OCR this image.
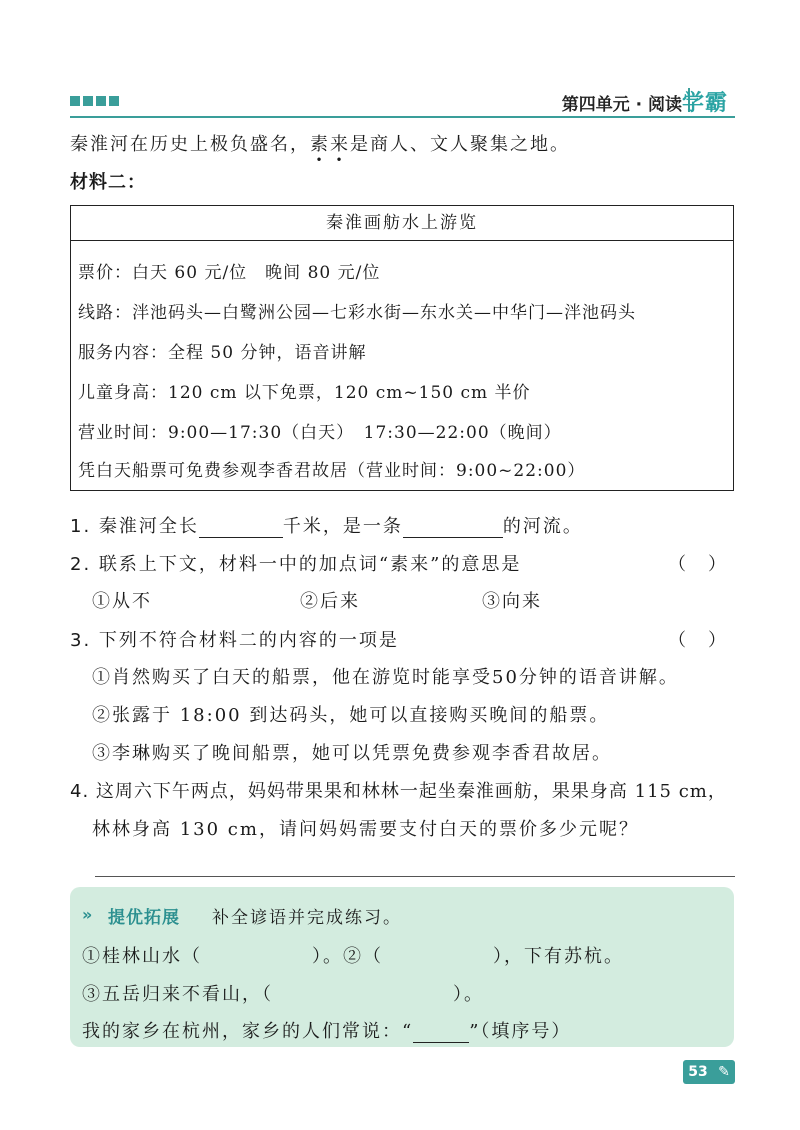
第四单元 · 阅读 学霸
秦淮河在历史上极负盛名，素来是商人、文人聚集之地。
材料二：
秦淮画舫水上游览
票价：白天 60 元/位　晚间 80 元/位
线路：泮池码头—白鹭洲公园—七彩水街—东水关—中华门—泮池码头
服务内容：全程 50 分钟，语音讲解
儿童身高：120 cm 以下免票，120 cm~150 cm 半价
营业时间：9:00—17:30（白天）　17:30—22:00（晚间）
凭白天船票可免费参观李香君故居（营业时间：9:00~22:00）
1. 秦淮河全长	千米，是一条	的河流。
2. 联系上下文，材料一中的加点词“素来”的意思是	（　）
①从不	②后来	③向来
3. 下列不符合材料二的内容的一项是	（　）
①肖然购买了白天的船票，他在游览时能享受50分钟的语音讲解。
②张露于 18:00 到达码头，她可以直接购买晚间的船票。
③李琳购买了晚间船票，她可以凭票免费参观李香君故居。
4. 这周六下午两点，妈妈带果果和林林一起坐秦淮画舫，果果身高 115 cm，
林林身高 130 cm，请问妈妈需要支付白天的票价多少元呢？
» 提优拓展 补全谚语并完成练习。
①桂林山水（	）。②（	），下有苏杭。
③五岳归来不看山，（	）。
我的家乡在杭州，家乡的人们常说：“	”（填序号）
53 ✎
